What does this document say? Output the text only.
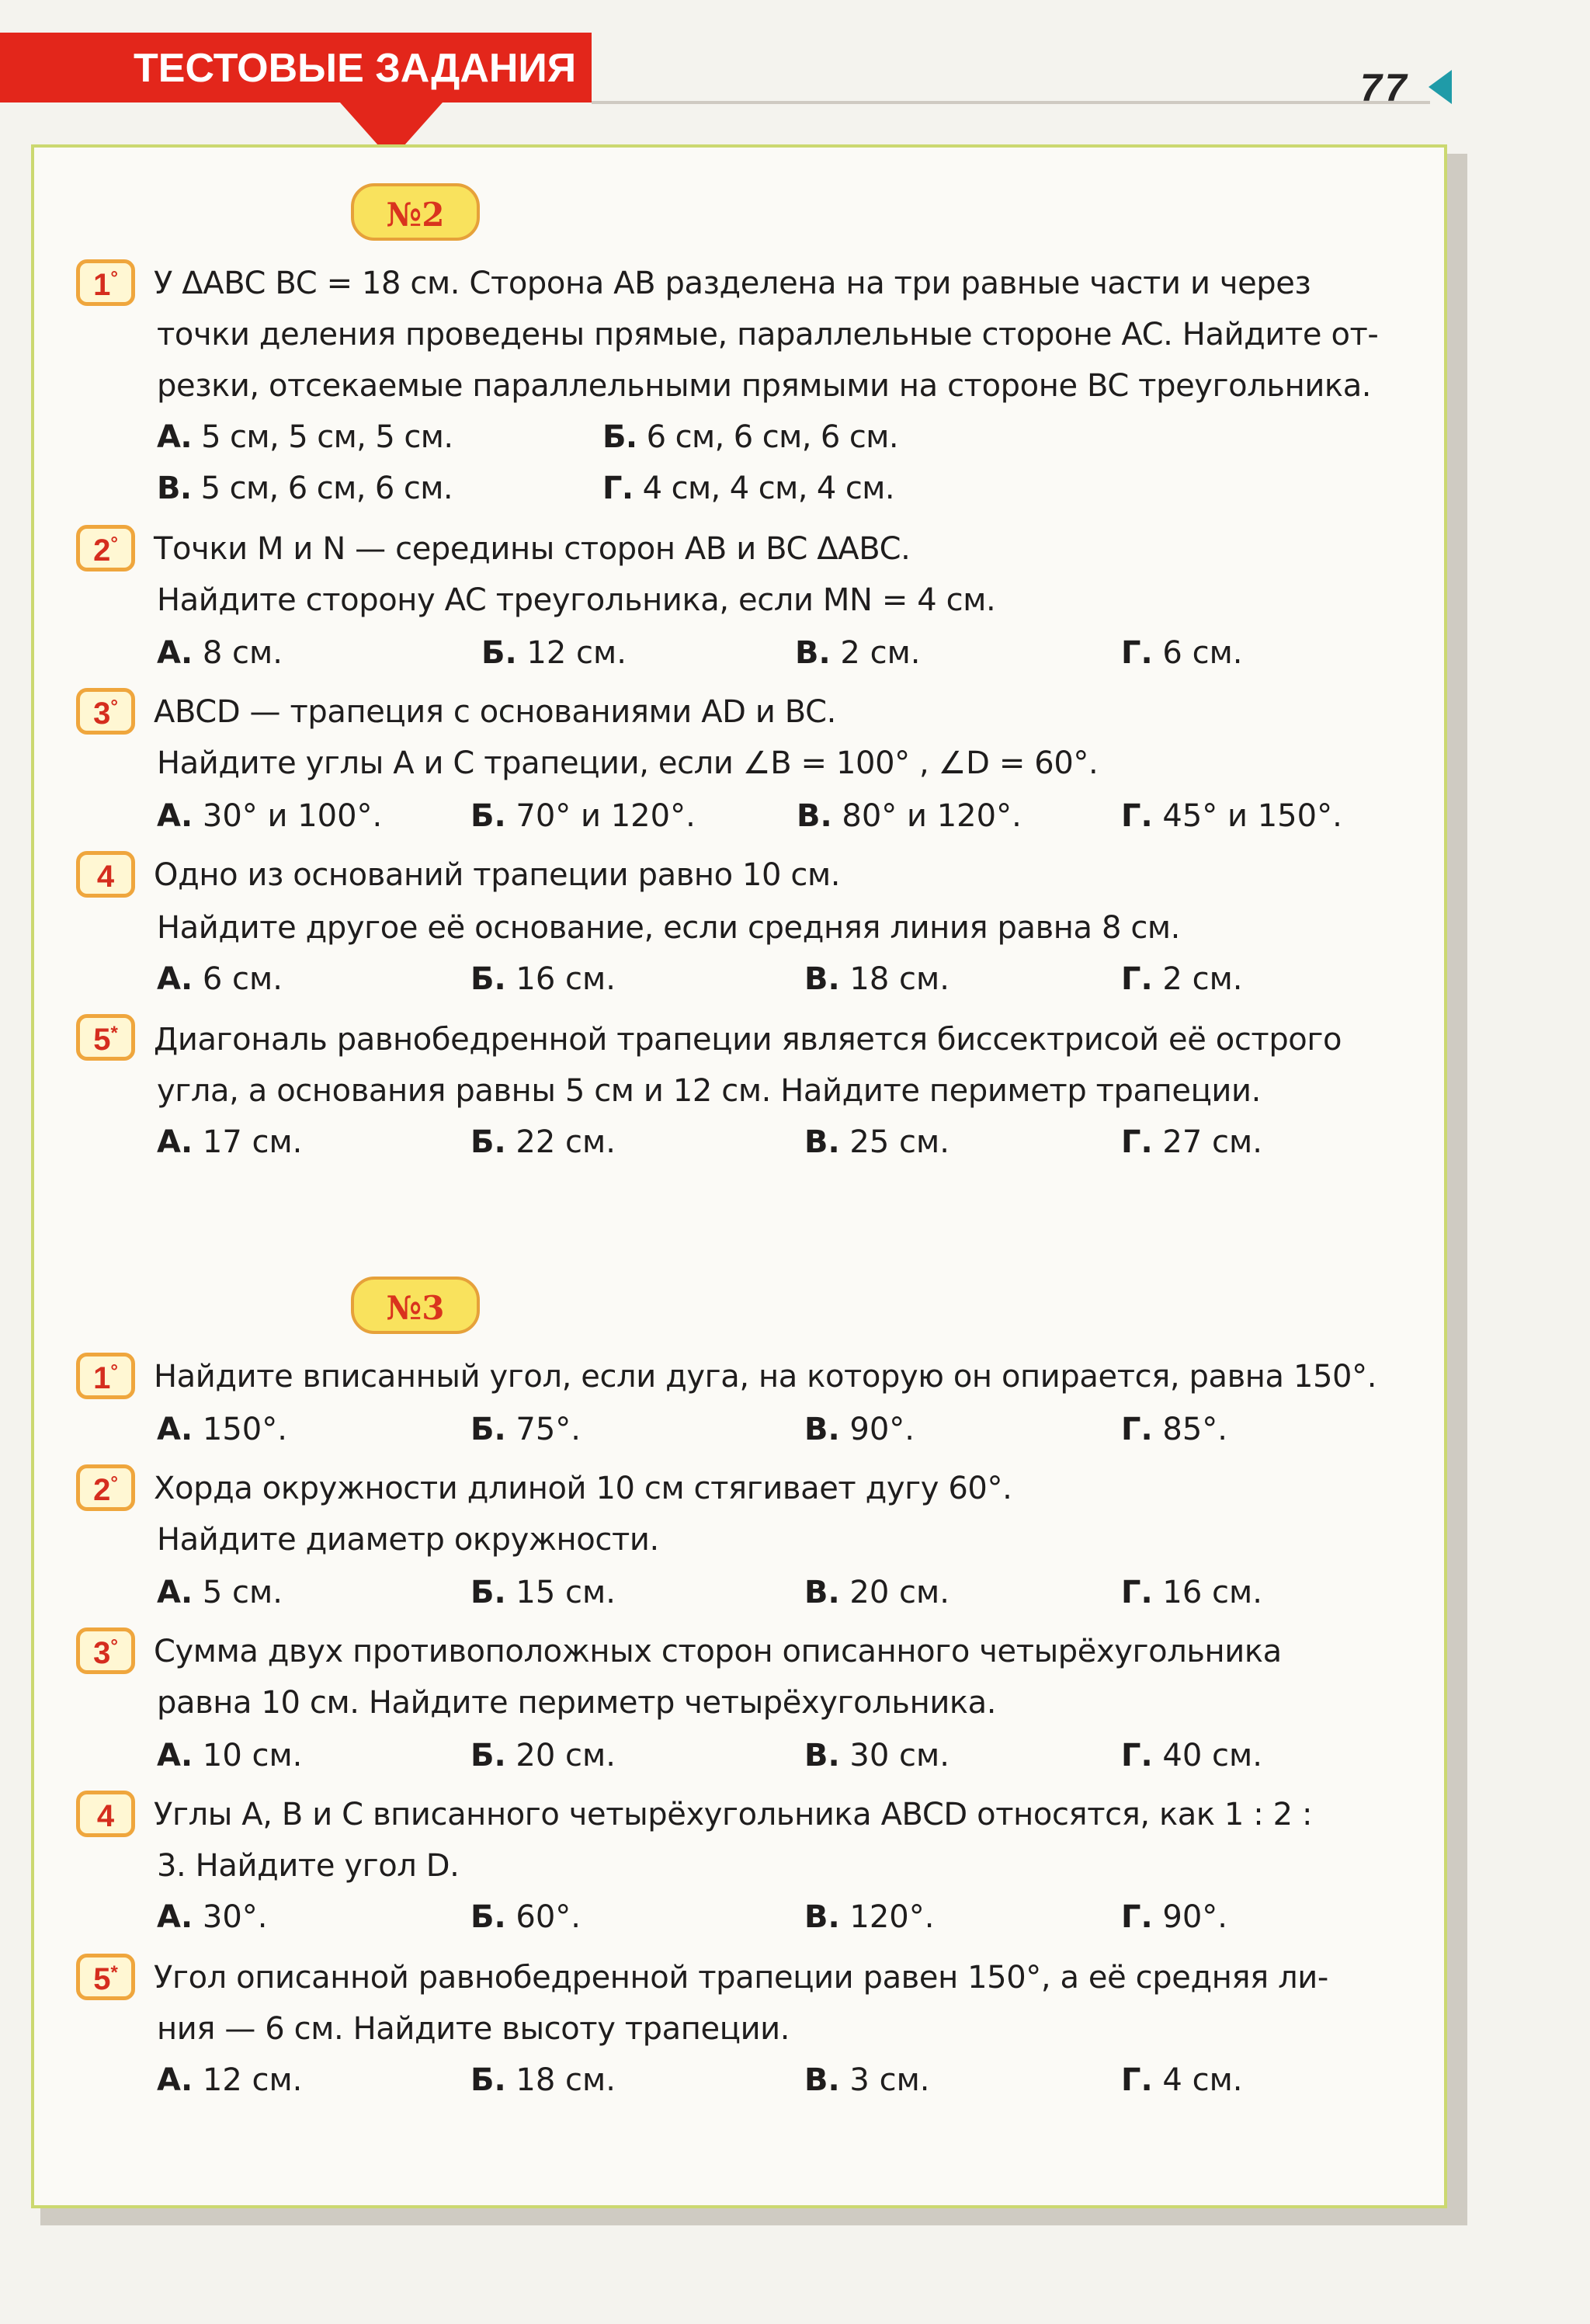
ТЕСТОВЫЕ ЗАДАНИЯ	77
№2
1°	У ΔABC BC = 18 см. Сторона AB разделена на три равные части и через
точки деления проведены прямые, параллельные стороне AC. Найдите от-
резки, отсекаемые параллельными прямыми на стороне BC треугольника.
А. 5 см, 5 см, 5 см.	Б. 6 см, 6 см, 6 см.
В. 5 см, 6 см, 6 см.	Г. 4 см, 4 см, 4 см.
2°	Точки M и N — середины сторон AB и BC ΔABC.
Найдите сторону AC треугольника, если MN = 4 см.
А. 8 см.	Б. 12 см.	В. 2 см.	Г. 6 см.
3°	ABCD — трапеция с основаниями AD и BC.
Найдите углы A и C трапеции, если ∠B = 100° , ∠D = 60°.
А. 30° и 100°.	Б. 70° и 120°.	В. 80° и 120°.	Г. 45° и 150°.
4	Одно из оснований трапеции равно 10 см.
Найдите другое её основание, если средняя линия равна 8 см.
А. 6 см.	Б. 16 см.	В. 18 см.	Г. 2 см.
5*	Диагональ равнобедренной трапеции является биссектрисой её острого
угла, а основания равны 5 см и 12 см. Найдите периметр трапеции.
А. 17 см.	Б. 22 см.	В. 25 см.	Г. 27 см.
№3
1°	Найдите вписанный угол, если дуга, на которую он опирается, равна 150°.
А. 150°.	Б. 75°.	В. 90°.	Г. 85°.
2°	Хорда окружности длиной 10 см стягивает дугу 60°.
Найдите диаметр окружности.
А. 5 см.	Б. 15 см.	В. 20 см.	Г. 16 см.
3°	Сумма двух противоположных сторон описанного четырёхугольника
равна 10 см. Найдите периметр четырёхугольника.
А. 10 см.	Б. 20 см.	В. 30 см.	Г. 40 см.
4	Углы A, B и C вписанного четырёхугольника ABCD относятся, как 1 : 2 :
3. Найдите угол D.
А. 30°.	Б. 60°.	В. 120°.	Г. 90°.
5*	Угол описанной равнобедренной трапеции равен 150°, а её средняя ли-
ния — 6 см. Найдите высоту трапеции.
А. 12 см.	Б. 18 см.	В. 3 см.	Г. 4 см.
